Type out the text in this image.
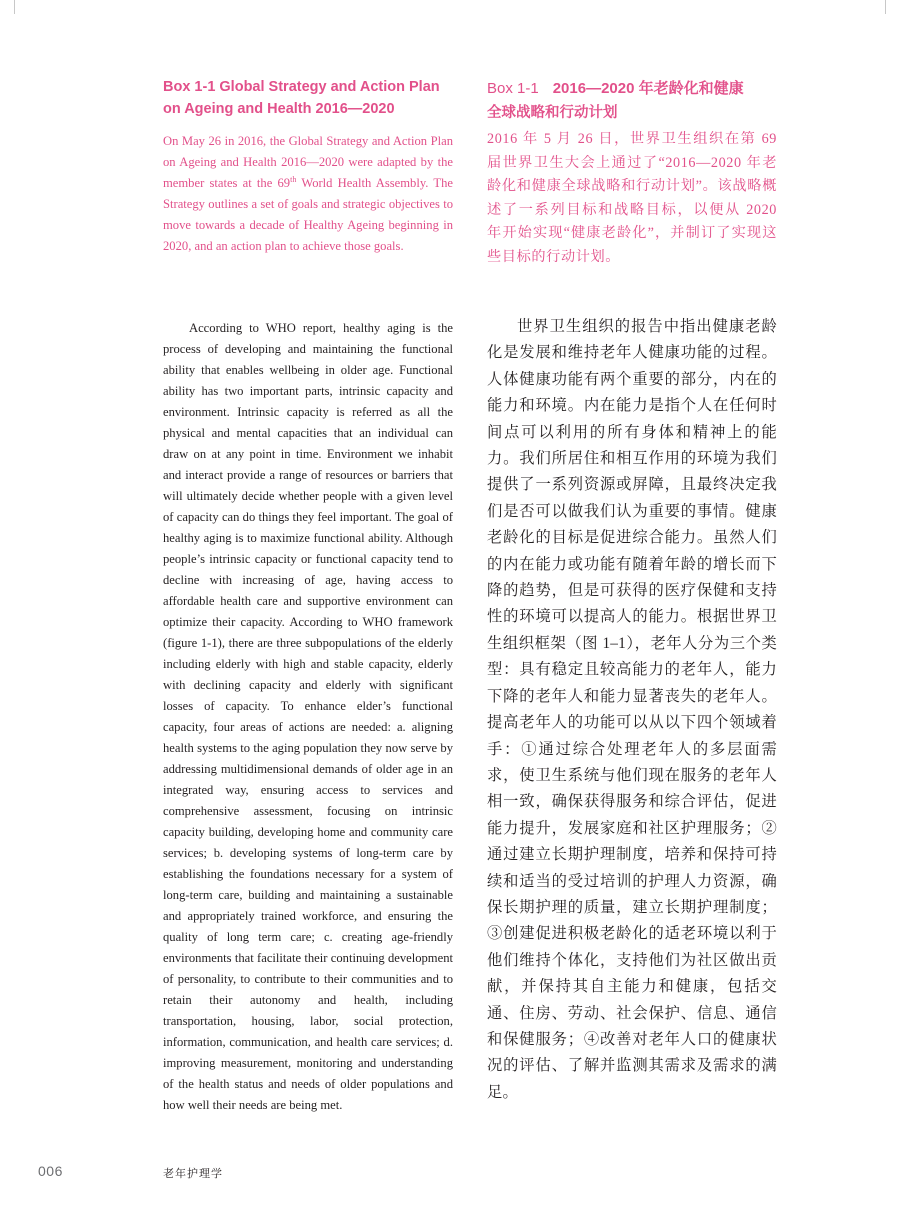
Box 1-1 Global Strategy and Action Plan on Ageing and Health 2016—2020

On May 26 in 2016, the Global Strategy and Action Plan on Ageing and Health 2016—2020 were adapted by the member states at the 69th World Health Assembly. The Strategy outlines a set of goals and strategic objectives to move towards a decade of Healthy Ageing beginning in 2020, and an action plan to achieve those goals.

Box 1-1 2016—2020 年老龄化和健康
全球战略和行动计划

2016 年 5 月 26 日，世界卫生组织在第 69 届世界卫生大会上通过了“2016—2020 年老龄化和健康全球战略和行动计划”。该战略概述了一系列目标和战略目标，以便从 2020 年开始实现“健康老龄化”，并制订了实现这些目标的行动计划。

According to WHO report, healthy aging is the process of developing and maintaining the functional ability that enables wellbeing in older age. Functional ability has two important parts, intrinsic capacity and environment. Intrinsic capacity is referred as all the physical and mental capacities that an individual can draw on at any point in time. Environment we inhabit and interact provide a range of resources or barriers that will ultimately decide whether people with a given level of capacity can do things they feel important. The goal of healthy aging is to maximize functional ability. Although people’s intrinsic capacity or functional capacity tend to decline with increasing of age, having access to affordable health care and supportive environment can optimize their capacity. According to WHO framework (figure 1-1), there are three subpopulations of the elderly including elderly with high and stable capacity, elderly with declining capacity and elderly with significant losses of capacity. To enhance elder’s functional capacity, four areas of actions are needed: a. aligning health systems to the aging population they now serve by addressing multidimensional demands of older age in an integrated way, ensuring access to services and comprehensive assessment, focusing on intrinsic capacity building, developing home and community care services; b. developing systems of long-term care by establishing the foundations necessary for a system of long-term care, building and maintaining a sustainable and appropriately trained workforce, and ensuring the quality of long term care; c. creating age-friendly environments that facilitate their continuing development of personality, to contribute to their communities and to retain their autonomy and health, including transportation, housing, labor, social protection, information, communication, and health care services; d. improving measurement, monitoring and understanding of the health status and needs of older populations and how well their needs are being met.

世界卫生组织的报告中指出健康老龄化是发展和维持老年人健康功能的过程。人体健康功能有两个重要的部分，内在的能力和环境。内在能力是指个人在任何时间点可以利用的所有身体和精神上的能力。我们所居住和相互作用的环境为我们提供了一系列资源或屏障，且最终决定我们是否可以做我们认为重要的事情。健康老龄化的目标是促进综合能力。虽然人们的内在能力或功能有随着年龄的增长而下降的趋势，但是可获得的医疗保健和支持性的环境可以提高人的能力。根据世界卫生组织框架（图 1–1），老年人分为三个类型：具有稳定且较高能力的老年人，能力下降的老年人和能力显著丧失的老年人。提高老年人的功能可以从以下四个领域着手：①通过综合处理老年人的多层面需求，使卫生系统与他们现在服务的老年人相一致，确保获得服务和综合评估，促进能力提升，发展家庭和社区护理服务；②通过建立长期护理制度，培养和保持可持续和适当的受过培训的护理人力资源，确保长期护理的质量，建立长期护理制度；③创建促进积极老龄化的适老环境以利于他们维持个体化，支持他们为社区做出贡献，并保持其自主能力和健康，包括交通、住房、劳动、社会保护、信息、通信和保健服务；④改善对老年人口的健康状况的评估、了解并监测其需求及需求的满足。

006	老年护理学
